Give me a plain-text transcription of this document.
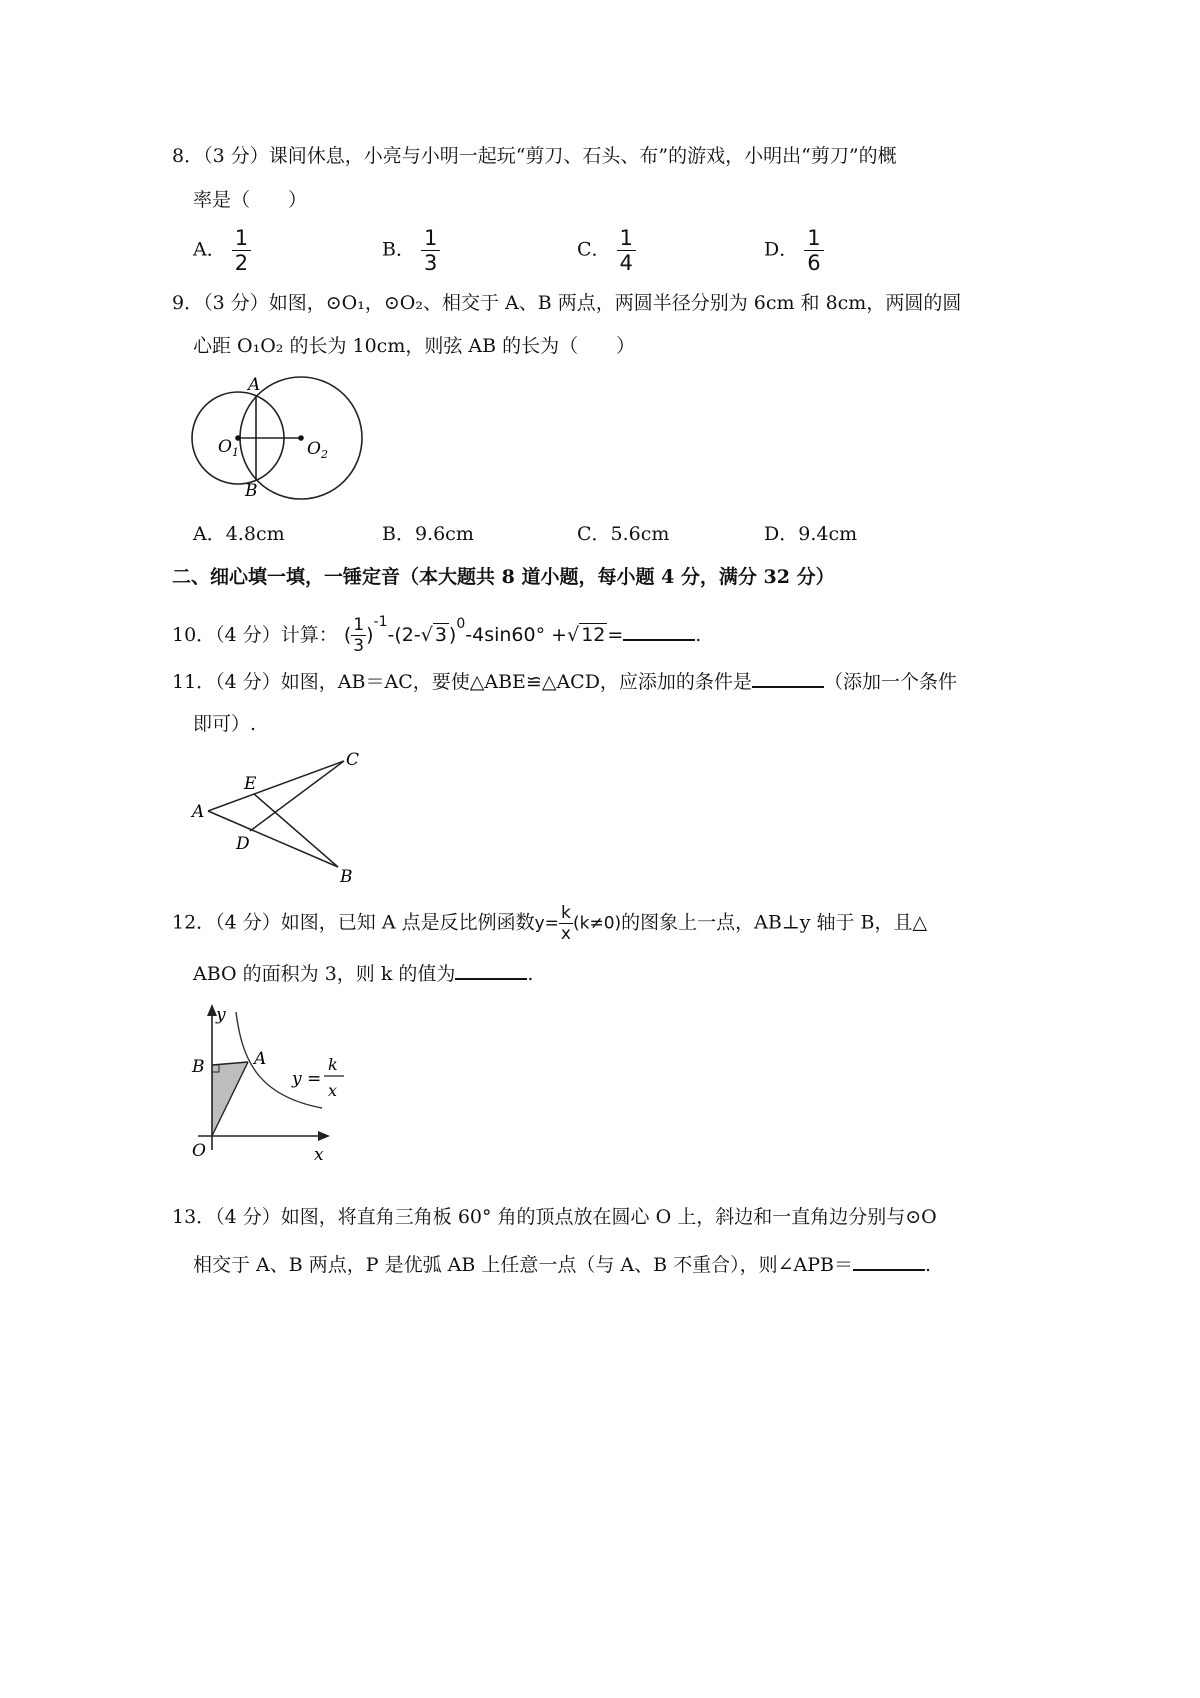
8．（3 分）课间休息，小亮与小明一起玩“剪刀、石头、布”的游戏，小明出“剪刀”的概
率是（　　）
A． $\frac{1}{2}$	B． $\frac{1}{3}$	C． $\frac{1}{4}$	D． $\frac{1}{6}$
9．（3 分）如图，⊙O₁，⊙O₂、相交于 A、B 两点，两圆半径分别为 6cm 和 8cm，两圆的圆
心距 O₁O₂ 的长为 10cm，则弦 AB 的长为（　　）
A
B
$O_1$	$O_2$
A．4.8cm	B．9.6cm	C．5.6cm	D．9.4cm
二、细心填一填，一锤定音（本大题共 8 道小题，每小题 4 分，满分 32 分）
10．（4 分）计算： ( $\frac{1}{3} )^{-1}-(2-√$ 3 )$^0$-4sin60° +√ 12 =	.
11．（4 分）如图，AB＝AC，要使△ABE≌△ACD，应添加的条件是	（添加一个条件
即可）.
A
C
E
D
B
12．（4 分）如图，已知 A 点是反比例函数$y= \frac{k}{x} (k\ne 0)$的图象上一点，AB⊥y 轴于 B，且△
ABO 的面积为 3，则 k 的值为	.
y
x
O
B	A
y =
k
x
13．（4 分）如图，将直角三角板 60° 角的顶点放在圆心 O 上，斜边和一直角边分别与⊙O
相交于 A、B 两点，P 是优弧 AB 上任意一点（与 A、B 不重合），则∠APB＝	.
